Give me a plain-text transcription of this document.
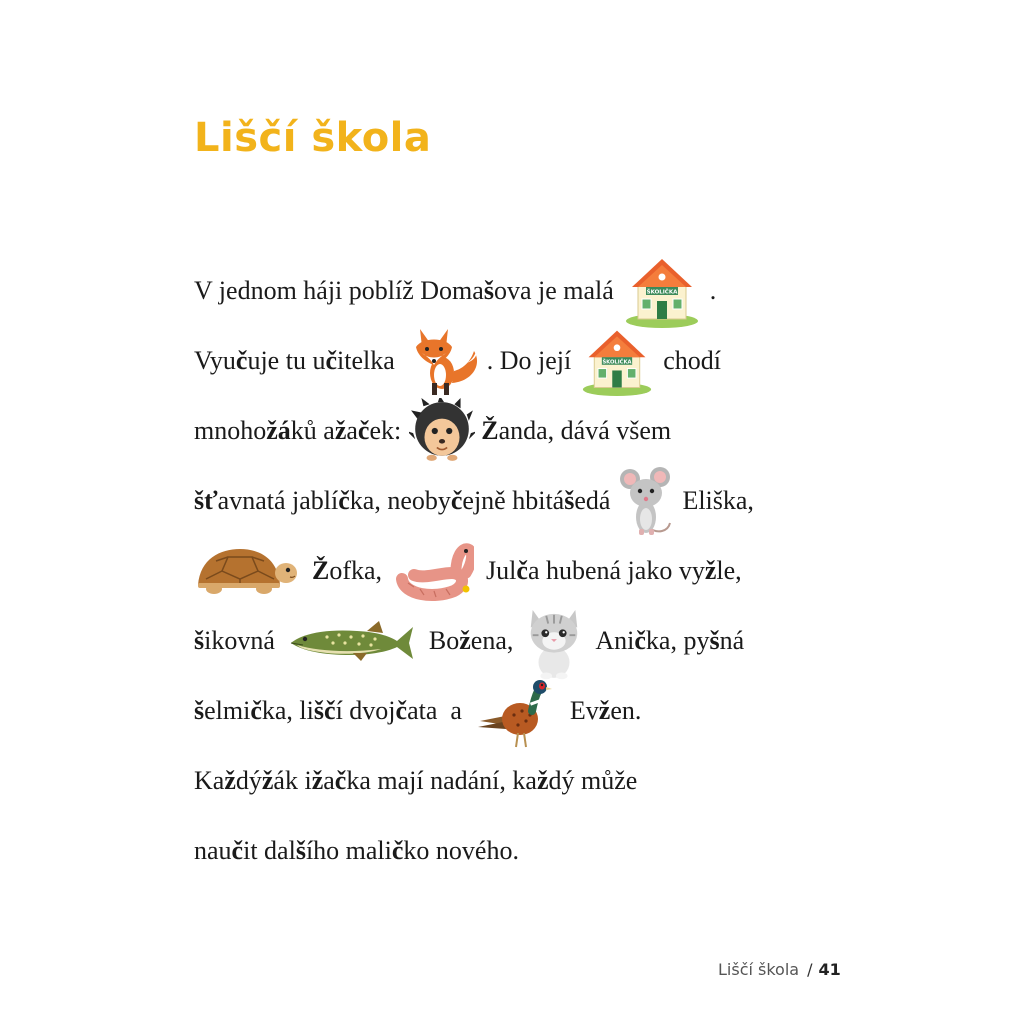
Liščí škola
V jednom háji poblíž Doma š ova je malá	.
Vyu č uje tu u č itelka	. Do její	chodí
mnoho žá ků a ž a č ek:	Ž anda, dává všem
šť avnatá jablí č ka, neoby č ejně hbitá š edá	Eliška,
Ž ofka,	Jul č a hubená jako vy ž le,
š ikovná	Bo ž ena,	Ani č ka, py š ná
š elmi č ka, li šč í dvoj č ata  a	Ev ž en.
Ka ž dý ž ák i ž a č ka mají nadání, ka ž dý může
nau č it dal š ího mali č ko nového.
Liščí škola / 41
